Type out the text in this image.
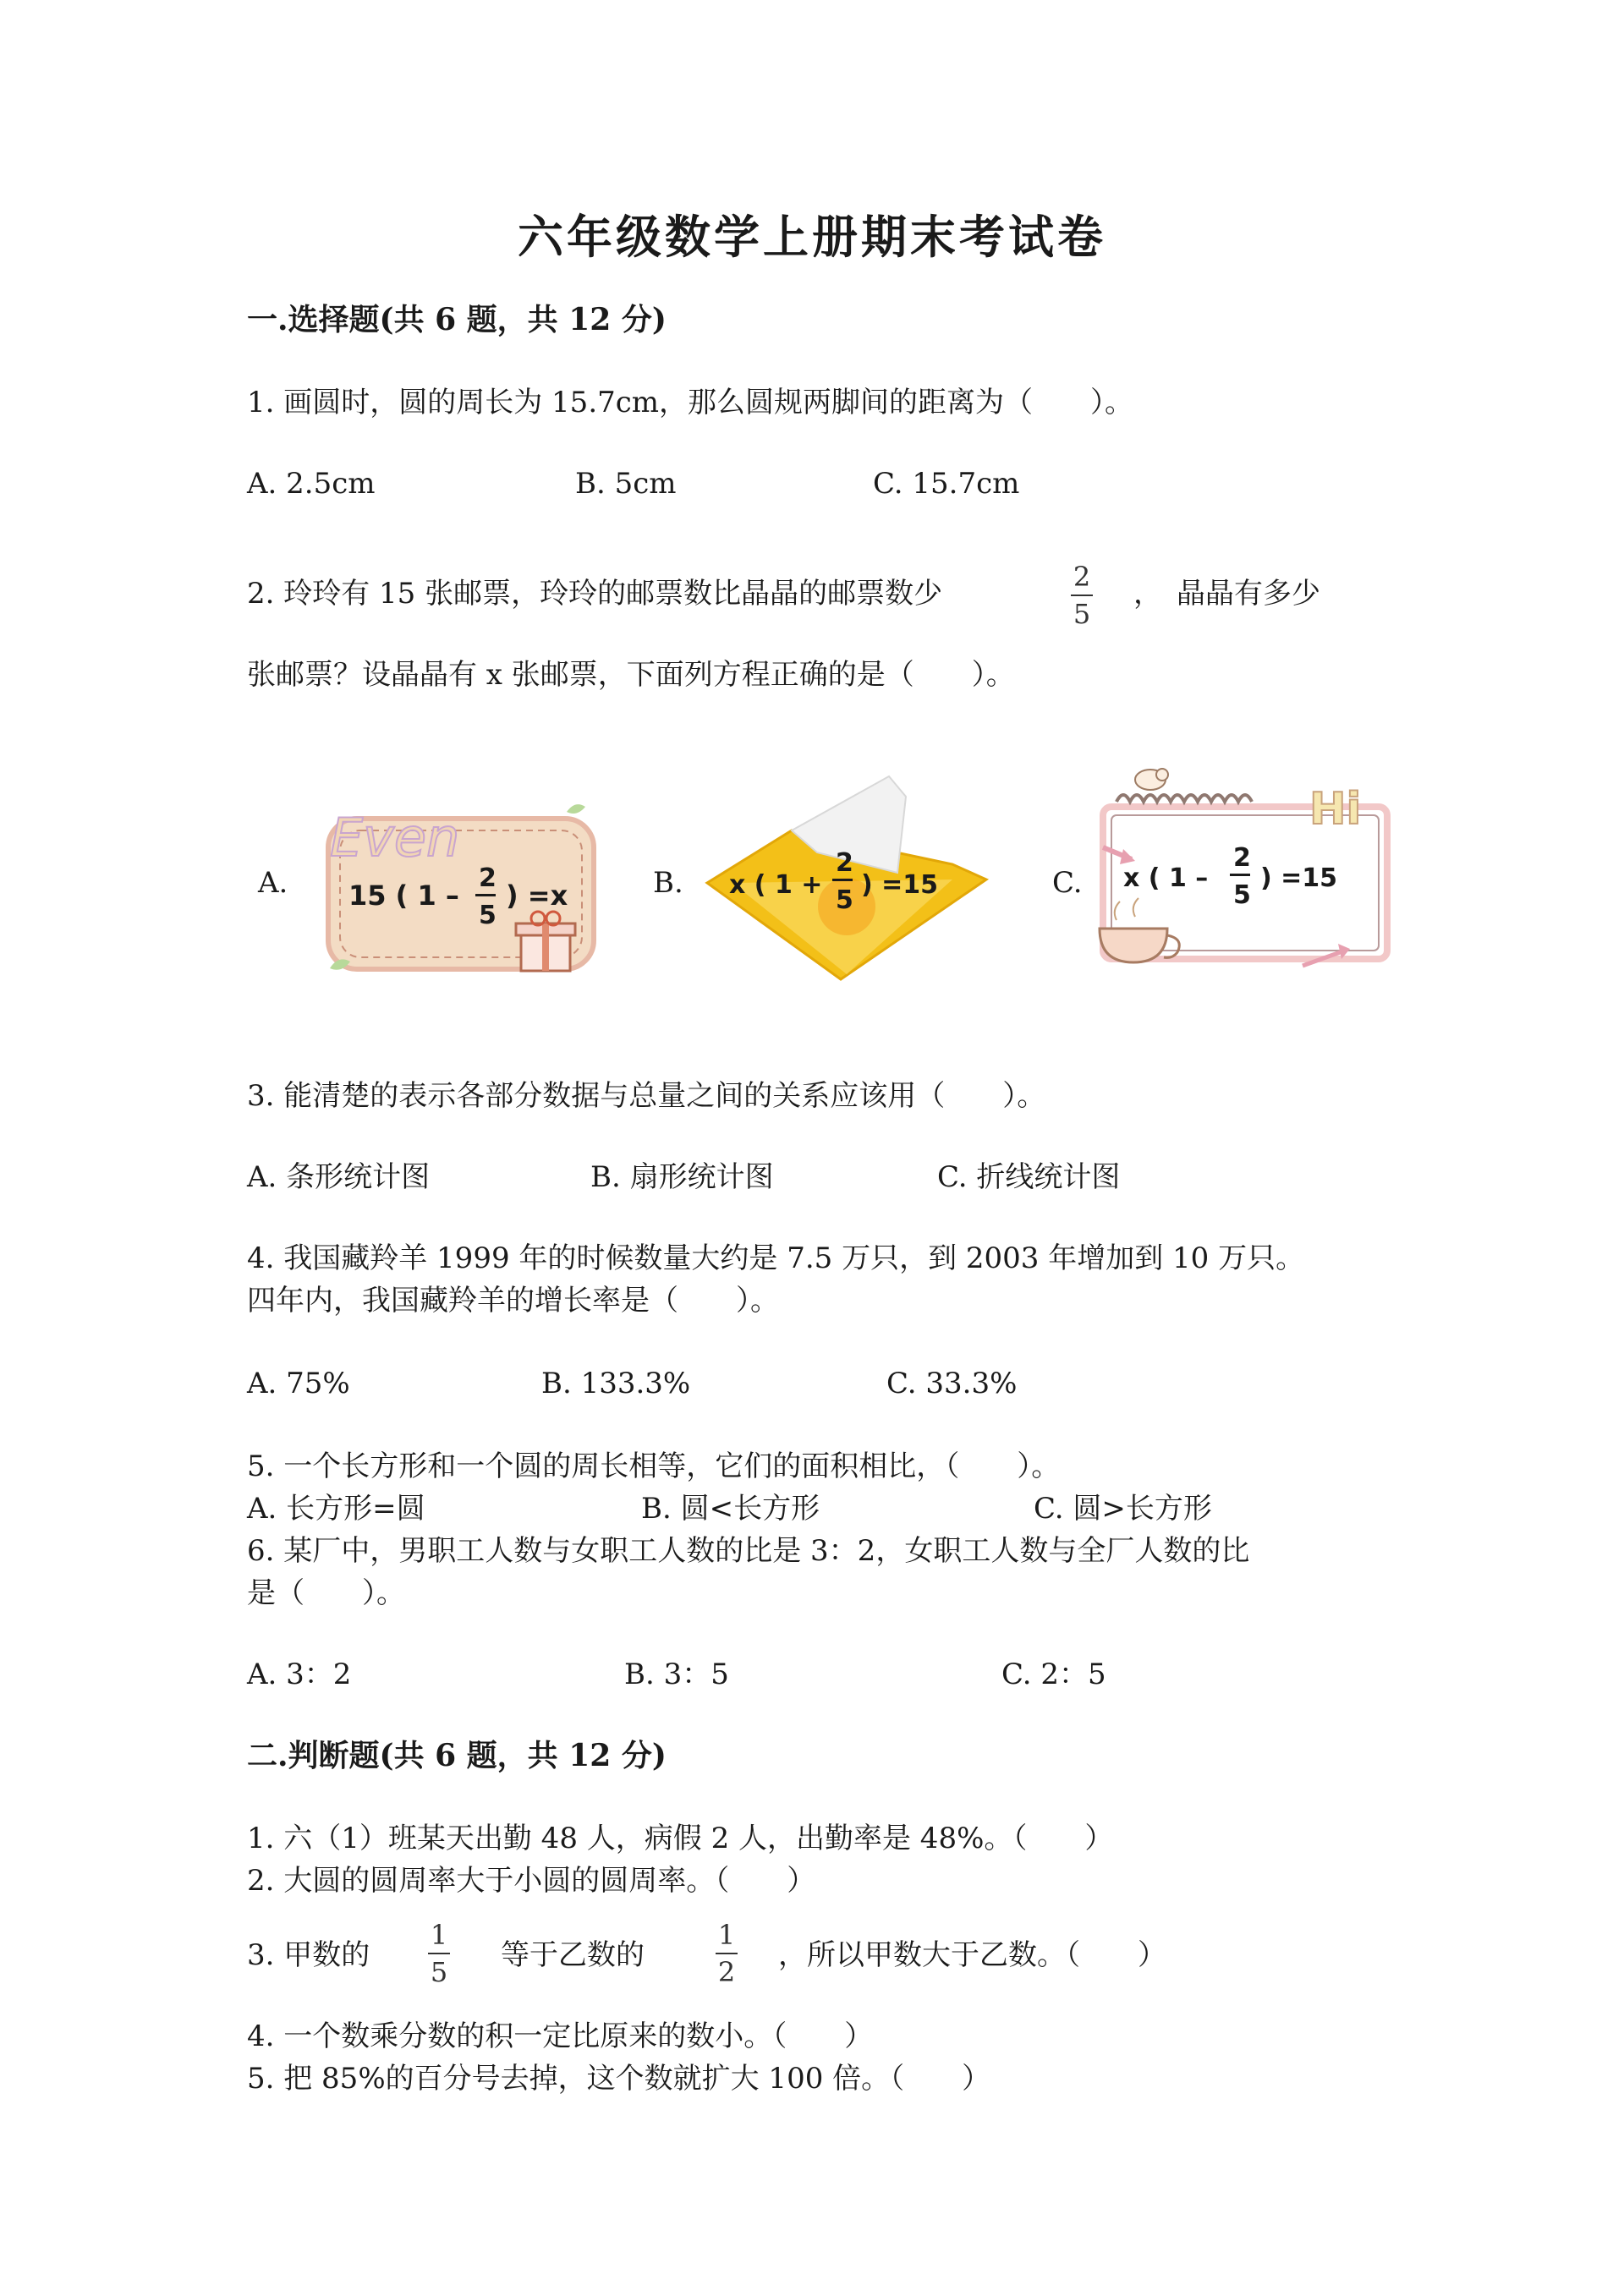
六年级数学上册期末考试卷
一.选择题(共 6 题，共 12 分)
1. 画圆时，圆的周长为 15.7cm，那么圆规两脚间的距离为（　　）。
A. 2.5cm	B. 5cm	C. 15.7cm
2. 玲玲有 15 张邮票，玲玲的邮票数比晶晶的邮票数少	2
5
，　晶晶有多少
张邮票？设晶晶有 x 张邮票，下面列方程正确的是（　　）。
A.	B.	C.
Even
15 ( 1 –
2
5
) =x	x ( 1 +
2
5
) =15
Hi
x ( 1 –
2
5
) =15
3. 能清楚的表示各部分数据与总量之间的关系应该用（　　）。
A. 条形统计图	B. 扇形统计图	C. 折线统计图
4. 我国藏羚羊 1999 年的时候数量大约是 7.5 万只，到 2003 年增加到 10 万只。
四年内，我国藏羚羊的增长率是（　　）。
A. 75%	B. 133.3%	C. 33.3%
5. 一个长方形和一个圆的周长相等，它们的面积相比，（　　）。
A. 长方形=圆	B. 圆<长方形	C. 圆>长方形
6. 某厂中，男职工人数与女职工人数的比是 3：2，女职工人数与全厂人数的比
是（　　）。
A. 3：2	B. 3：5	C. 2：5
二.判断题(共 6 题，共 12 分)
1. 六（1）班某天出勤 48 人，病假 2 人，出勤率是 48%。（　　）
2. 大圆的圆周率大于小圆的圆周率。（　　）
3. 甲数的
1
5 等于乙数的
1
2 ，所以甲数大于乙数。（　　）
4. 一个数乘分数的积一定比原来的数小。（　　）
5. 把 85%的百分号去掉，这个数就扩大 100 倍。（　　）
